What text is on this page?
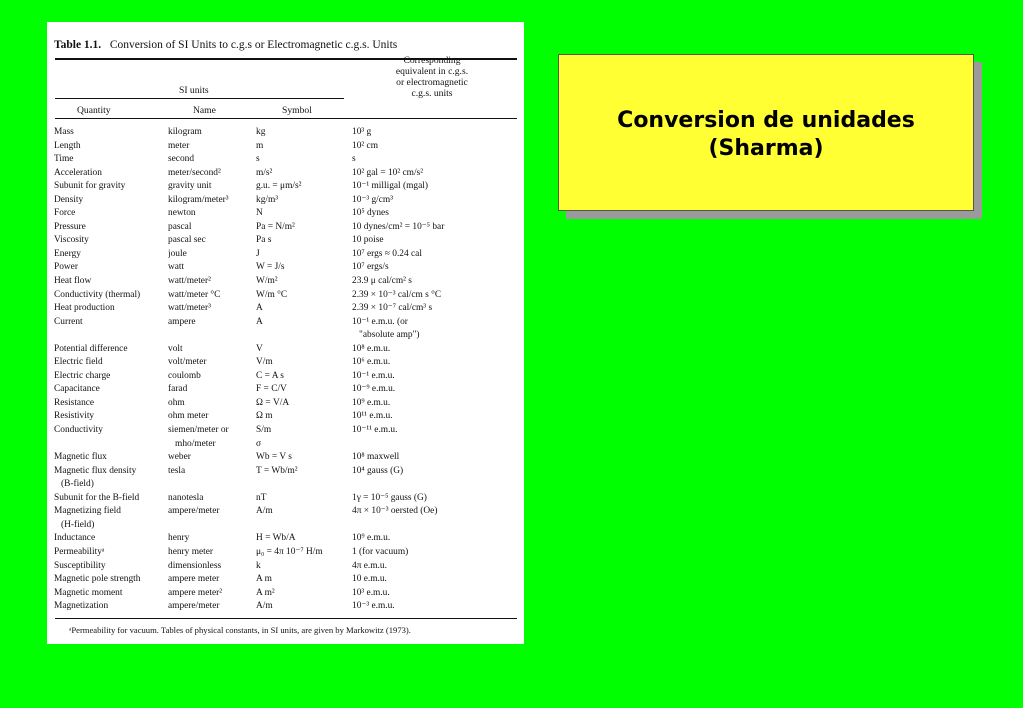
Table 1.1. Conversion of SI Units to c.g.s or Electromagnetic c.g.s. Units
SI units
Corresponding
equivalent in c.g.s.
or electromagnetic
c.g.s. units
Quantity	Name	Symbol
Mass	kilogram	kg	10³ g
Length	meter	m	10² cm
Time	second	s	s
Acceleration	meter/second²	m/s²	10² gal = 10² cm/s²
Subunit for gravity	gravity unit	g.u. = μm/s²	10⁻¹ milligal (mgal)
Density	kilogram/meter³	kg/m³	10⁻³ g/cm³
Force	newton	N	10⁵ dynes
Pressure	pascal	Pa = N/m²	10 dynes/cm² = 10⁻⁵ bar
Viscosity	pascal sec	Pa s	10 poise
Energy	joule	J	10⁷ ergs ≈ 0.24 cal
Power	watt	W = J/s	10⁷ ergs/s
Heat flow	watt/meter²	W/m²	23.9 μ cal/cm² s
Conductivity (thermal)	watt/meter °C	W/m °C	2.39 × 10⁻³ cal/cm s °C
Heat production	watt/meter³	A	2.39 × 10⁻⁷ cal/cm³ s
Current	ampere	A	10⁻¹ e.m.u. (or
			"absolute amp")
Potential difference	volt	V	10⁸ e.m.u.
Electric field	volt/meter	V/m	10⁶ e.m.u.
Electric charge	coulomb	C = A s	10⁻¹ e.m.u.
Capacitance	farad	F = C/V	10⁻⁹ e.m.u.
Resistance	ohm	Ω = V/A	10⁹ e.m.u.
Resistivity	ohm meter	Ω m	10¹¹ e.m.u.
Conductivity	siemen/meter or	S/m	10⁻¹¹ e.m.u.
	mho/meter	σ	
Magnetic flux	weber	Wb = V s	10⁸ maxwell
Magnetic flux density	tesla	T = Wb/m²	10⁴ gauss (G)
(B-field)			
Subunit for the B-field	nanotesla	nT	1γ = 10⁻⁵ gauss (G)
Magnetizing field	ampere/meter	A/m	4π × 10⁻³ oersted (Oe)
(H-field)			
Inductance	henry	H = Wb/A	10⁹ e.m.u.
Permeabilityᵃ	henry meter	μ₀ = 4π 10⁻⁷ H/m	1 (for vacuum)
Susceptibility	dimensionless	k	4π e.m.u.
Magnetic pole strength	ampere meter	A m	10 e.m.u.
Magnetic moment	ampere meter²	A m²	10³ e.m.u.
Magnetization	ampere/meter	A/m	10⁻³ e.m.u.
ᵃPermeability for vacuum. Tables of physical constants, in SI units, are given by Markowitz (1973).
Conversion de unidades
(Sharma)
